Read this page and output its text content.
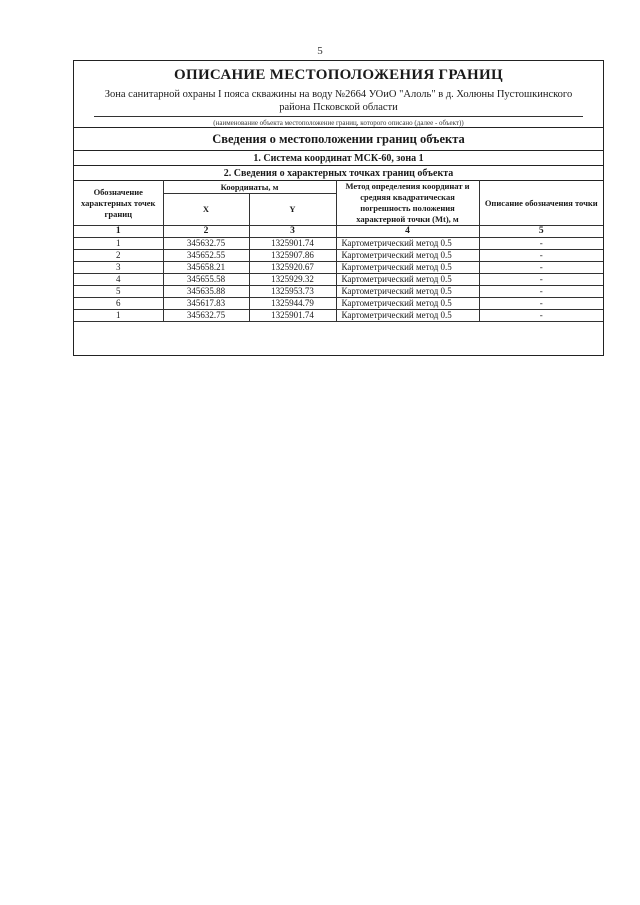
5
ОПИСАНИЕ МЕСТОПОЛОЖЕНИЯ ГРАНИЦ
Зона санитарной охраны I пояса скважины на воду №2664 УОиО "Алоль" в д. Холюны Пустошкинского района Псковской области
(наименование объекта местоположение границ, которого описано (далее - объект))
Сведения о местоположении границ объекта
1. Система координат МСК-60, зона 1
2. Сведения о характерных точках границ объекта
Обозначение характерных точек границ	Координаты, м		Метод определения координат и средняя квадратическая погрешность положения характерной точки (Mt), м	Описание обозначения точки
	X	Y		
1	2	3	4	5
1	345632.75	1325901.74	Картометрический метод 0.5	-
2	345652.55	1325907.86	Картометрический метод 0.5	-
3	345658.21	1325920.67	Картометрический метод 0.5	-
4	345655.58	1325929.32	Картометрический метод 0.5	-
5	345635.88	1325953.73	Картометрический метод 0.5	-
6	345617.83	1325944.79	Картометрический метод 0.5	-
1	345632.75	1325901.74	Картометрический метод 0.5	-
